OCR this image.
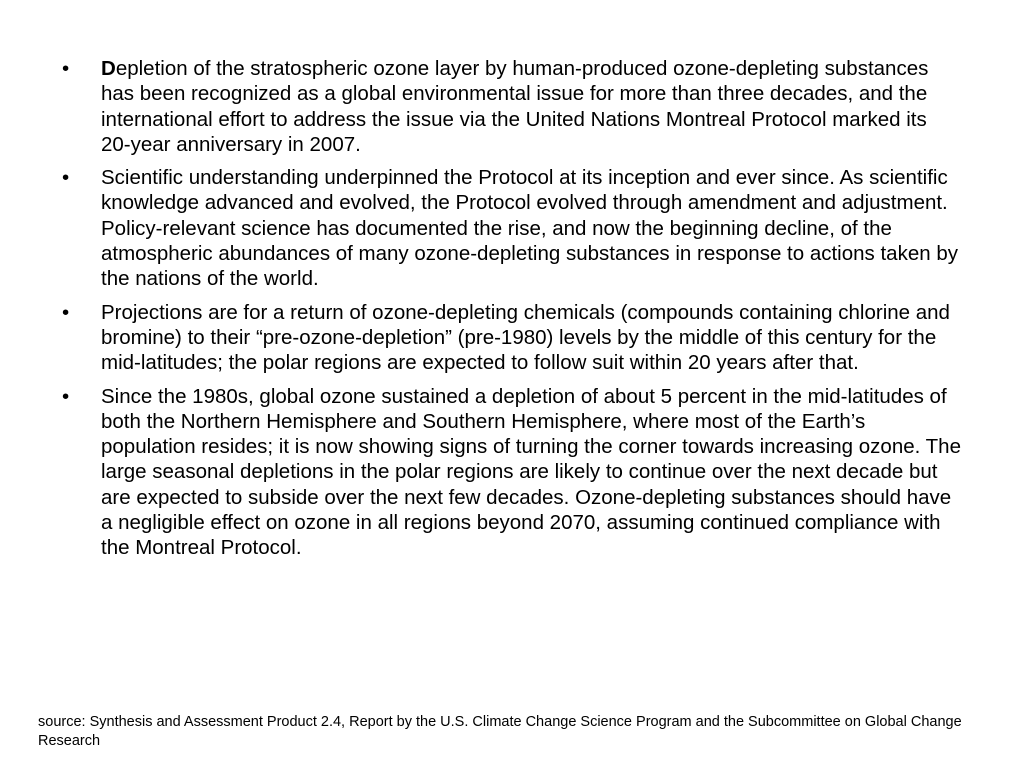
• Depletion of the stratospheric ozone layer by human-produced ozone-depleting substances has been recognized as a global environmental issue for more than three decades, and the international effort to address the issue via the United Nations Montreal Protocol marked its 20-year anniversary in 2007.
• Scientific understanding underpinned the Protocol at its inception and ever since. As scientific knowledge advanced and evolved, the Protocol evolved through amendment and adjustment. Policy-relevant science has documented the rise, and now the beginning decline, of the atmospheric abundances of many ozone-depleting substances in response to actions taken by the nations of the world.
• Projections are for a return of ozone-depleting chemicals (compounds containing chlorine and bromine) to their “pre-ozone-depletion” (pre-1980) levels by the middle of this century for the mid-latitudes; the polar regions are expected to follow suit within 20 years after that.
• Since the 1980s, global ozone sustained a depletion of about 5 percent in the mid-latitudes of both the Northern Hemisphere and Southern Hemisphere, where most of the Earth’s population resides; it is now showing signs of turning the corner towards increasing ozone. The large seasonal depletions in the polar regions are likely to continue over the next decade but are expected to subside over the next few decades. Ozone-depleting substances should have a negligible effect on ozone in all regions beyond 2070, assuming continued compliance with the Montreal Protocol.

source: Synthesis and Assessment Product 2.4, Report by the U.S. Climate Change Science Program and the Subcommittee on Global Change Research
